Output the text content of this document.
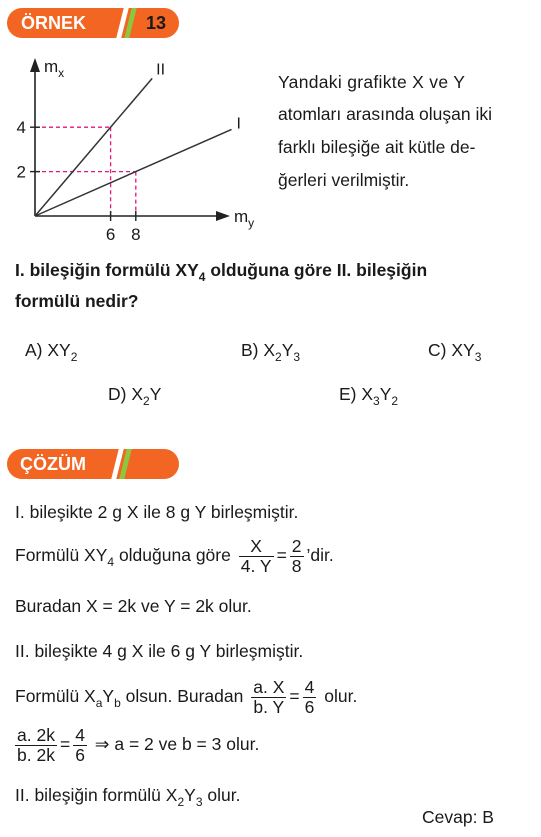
ÖRNEK	13
II
I
$m_x$
$m_y$
6 8
4
2
Yandaki grafikte X ve Y
atomları arasında oluşan iki
farklı bileşiğe ait kütle de-
ğerleri verilmiştir.
I. bileşiğin formülü $XY_4$ olduğuna göre II. bileşiğin
formülü nedir?
A) $XY_2$	B) $X_2Y_3$	C) $XY_3$
D) $X_2Y$	E) $X_3Y_2$
ÇÖZÜM
I. bileşikte 2 g X ile 8 g Y birleşmiştir.
Formülü $XY_4$ olduğuna göre $\frac{X}{4. Y} = \frac{2}{8}$ ’dir.
Buradan X = 2k ve Y = 2k olur.
II. bileşikte 4 g X ile 6 g Y birleşmiştir.
Formülü $X_aY_b$ olsun. Buradan $\frac{a. X}{b. Y} = \frac{4}{6}$ olur.
$\frac{a. 2k}{b. 2k} = \frac{4}{6}$ ⇒ a = 2 ve b = 3 olur.
II. bileşiğin formülü $X_2Y_3$ olur.
Cevap: B
